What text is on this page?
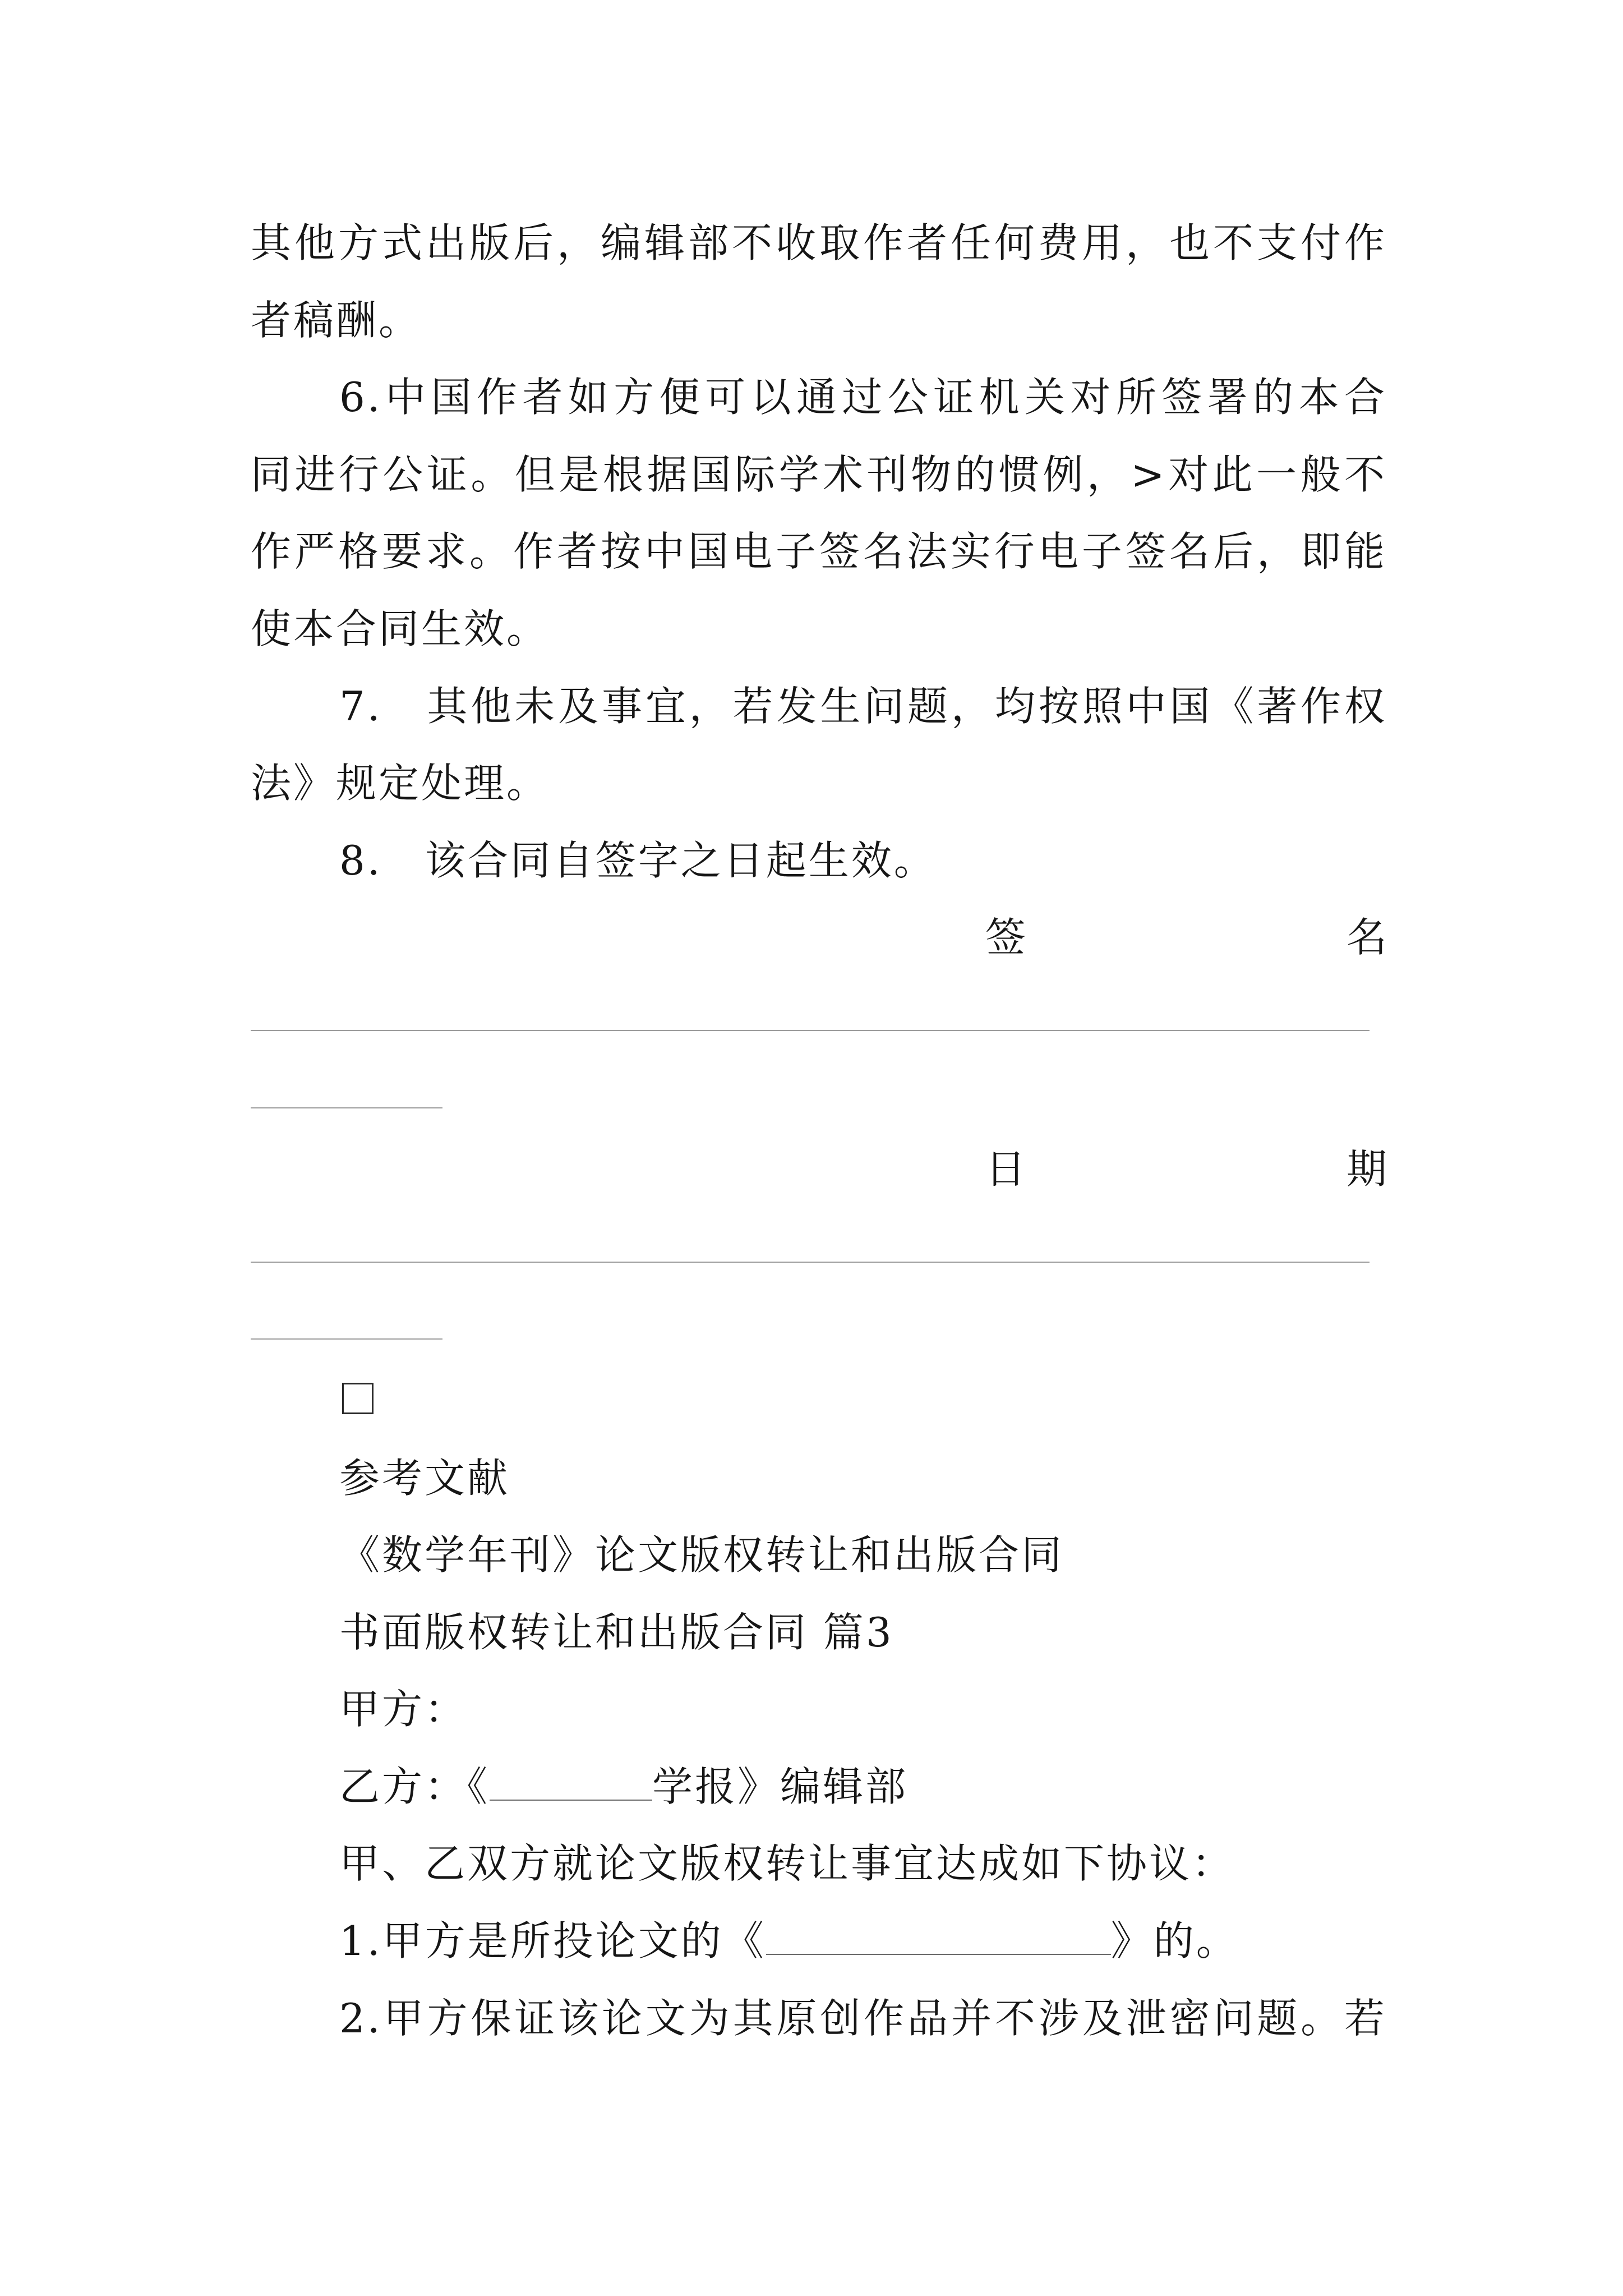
其他方式出版后，编辑部不收取作者任何费用，也不支付作
者稿酬。
6.中国作者如方便可以通过公证机关对所签署的本合
同进行公证。但是根据国际学术刊物的惯例，>对此一般不
作严格要求。作者按中国电子签名法实行电子签名后，即能
使本合同生效。
7.　其他未及事宜，若发生问题，均按照中国《著作权
法》规定处理。
8.　该合同自签字之日起生效。
签	名
日	期
参考文献
《数学年刊》论文版权转让和出版合同
书面版权转让和出版合同 篇3
甲方：
乙方：《	学报》编辑部
甲、乙双方就论文版权转让事宜达成如下协议：
1.甲方是所投论文的《	》的。
2.甲方保证该论文为其原创作品并不涉及泄密问题。若
